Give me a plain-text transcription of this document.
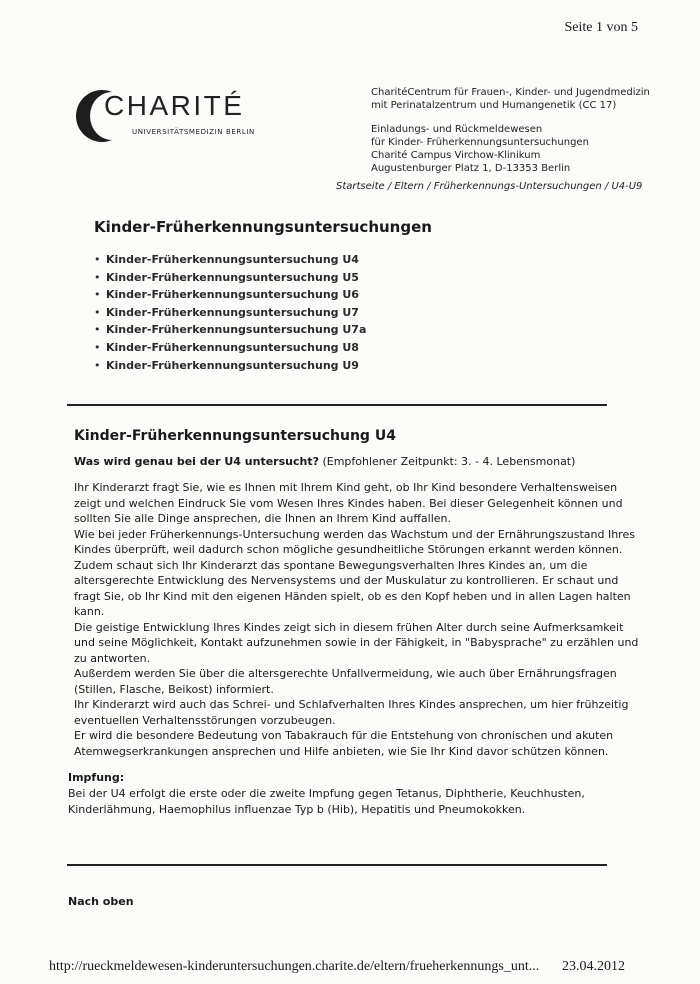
Seite 1 von 5
CHARITÉ
UNIVERSITÄTSMEDIZIN BERLIN
CharitéCentrum für Frauen-, Kinder- und Jugendmedizin
mit Perinatalzentrum und Humangenetik (CC 17)
Einladungs- und Rückmeldewesen
für Kinder- Früherkennungsuntersuchungen
Charité Campus Virchow-Klinikum
Augustenburger Platz 1, D-13353 Berlin
Startseite / Eltern / Früherkennungs-Untersuchungen / U4-U9
Kinder-Früherkennungsuntersuchungen
• Kinder-Früherkennungsuntersuchung U4
• Kinder-Früherkennungsuntersuchung U5
• Kinder-Früherkennungsuntersuchung U6
• Kinder-Früherkennungsuntersuchung U7
• Kinder-Früherkennungsuntersuchung U7a
• Kinder-Früherkennungsuntersuchung U8
• Kinder-Früherkennungsuntersuchung U9
Kinder-Früherkennungsuntersuchung U4
Was wird genau bei der U4 untersucht? (Empfohlener Zeitpunkt: 3. - 4. Lebensmonat)

Ihr Kinderarzt fragt Sie, wie es Ihnen mit Ihrem Kind geht, ob Ihr Kind besondere Verhaltensweisen

zeigt und welchen Eindruck Sie vom Wesen Ihres Kindes haben. Bei dieser Gelegenheit können und

sollten Sie alle Dinge ansprechen, die Ihnen an Ihrem Kind auffallen.

Wie bei jeder Früherkennungs-Untersuchung werden das Wachstum und der Ernährungszustand Ihres

Kindes überprüft, weil dadurch schon mögliche gesundheitliche Störungen erkannt werden können.

Zudem schaut sich Ihr Kinderarzt das spontane Bewegungsverhalten Ihres Kindes an, um die

altersgerechte Entwicklung des Nervensystems und der Muskulatur zu kontrollieren. Er schaut und

fragt Sie, ob Ihr Kind mit den eigenen Händen spielt, ob es den Kopf heben und in allen Lagen halten

kann.

Die geistige Entwicklung Ihres Kindes zeigt sich in diesem frühen Alter durch seine Aufmerksamkeit

und seine Möglichkeit, Kontakt aufzunehmen sowie in der Fähigkeit, in "Babysprache" zu erzählen und

zu antworten.

Außerdem werden Sie über die altersgerechte Unfallvermeidung, wie auch über Ernährungsfragen

(Stillen, Flasche, Beikost) informiert.

Ihr Kinderarzt wird auch das Schrei- und Schlafverhalten Ihres Kindes ansprechen, um hier frühzeitig

eventuellen Verhaltensstörungen vorzubeugen.

Er wird die besondere Bedeutung von Tabakrauch für die Entstehung von chronischen und akuten

Atemwegserkrankungen ansprechen und Hilfe anbieten, wie Sie Ihr Kind davor schützen können.

Impfung:

Bei der U4 erfolgt die erste oder die zweite Impfung gegen Tetanus, Diphtherie, Keuchhusten,

Kinderlähmung, Haemophilus influenzae Typ b (Hib), Hepatitis und Pneumokokken.

Nach oben
http://rueckmeldewesen-kinderuntersuchungen.charite.de/eltern/frueherkennungs_unt... 23.04.2012
